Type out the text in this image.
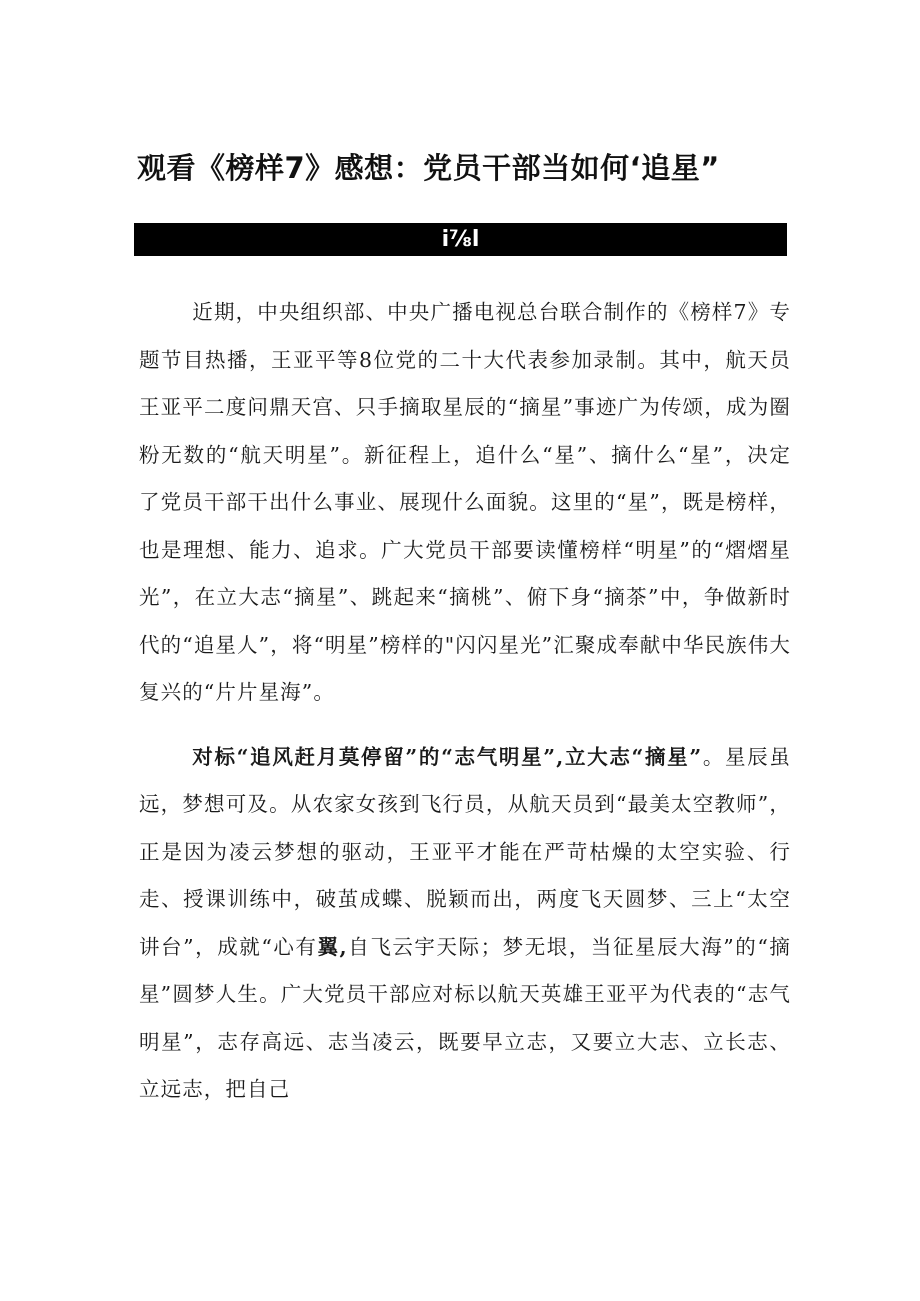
观看《榜样7》感想：党员干部当如何‘追星”
i⅞l

近期，中央组织部、中央广播电视总台联合制作的《榜样7》专题节目热播，王亚平等8位党的二十大代表参加录制。其中，航天员王亚平二度问鼎天宫、只手摘取星辰的“摘星”事迹广为传颂，成为圈粉无数的“航天明星”。新征程上，追什么“星”、摘什么“星”，决定了党员干部干出什么事业、展现什么面貌。这里的“星”，既是榜样，也是理想、能力、追求。广大党员干部要读懂榜样“明星”的“熠熠星光”，在立大志“摘星”、跳起来“摘桃”、俯下身“摘茶”中，争做新时代的“追星人”，将“明星”榜样的"闪闪星光”汇聚成奉献中华民族伟大复兴的“片片星海”。

对标“追风赶月莫停留”的“志气明星”,立大志“摘星”。星辰虽远，梦想可及。从农家女孩到飞行员，从航天员到“最美太空教师”，正是因为凌云梦想的驱动，王亚平才能在严苛枯燥的太空实验、行走、授课训练中，破茧成蝶、脱颖而出，两度飞天圆梦、三上“太空讲台”，成就“心有翼,自飞云宇天际；梦无垠，当征星辰大海”的“摘星”圆梦人生。广大党员干部应对标以航天英雄王亚平为代表的“志气明星”，志存高远、志当凌云，既要早立志，又要立大志、立长志、立远志，把自己
